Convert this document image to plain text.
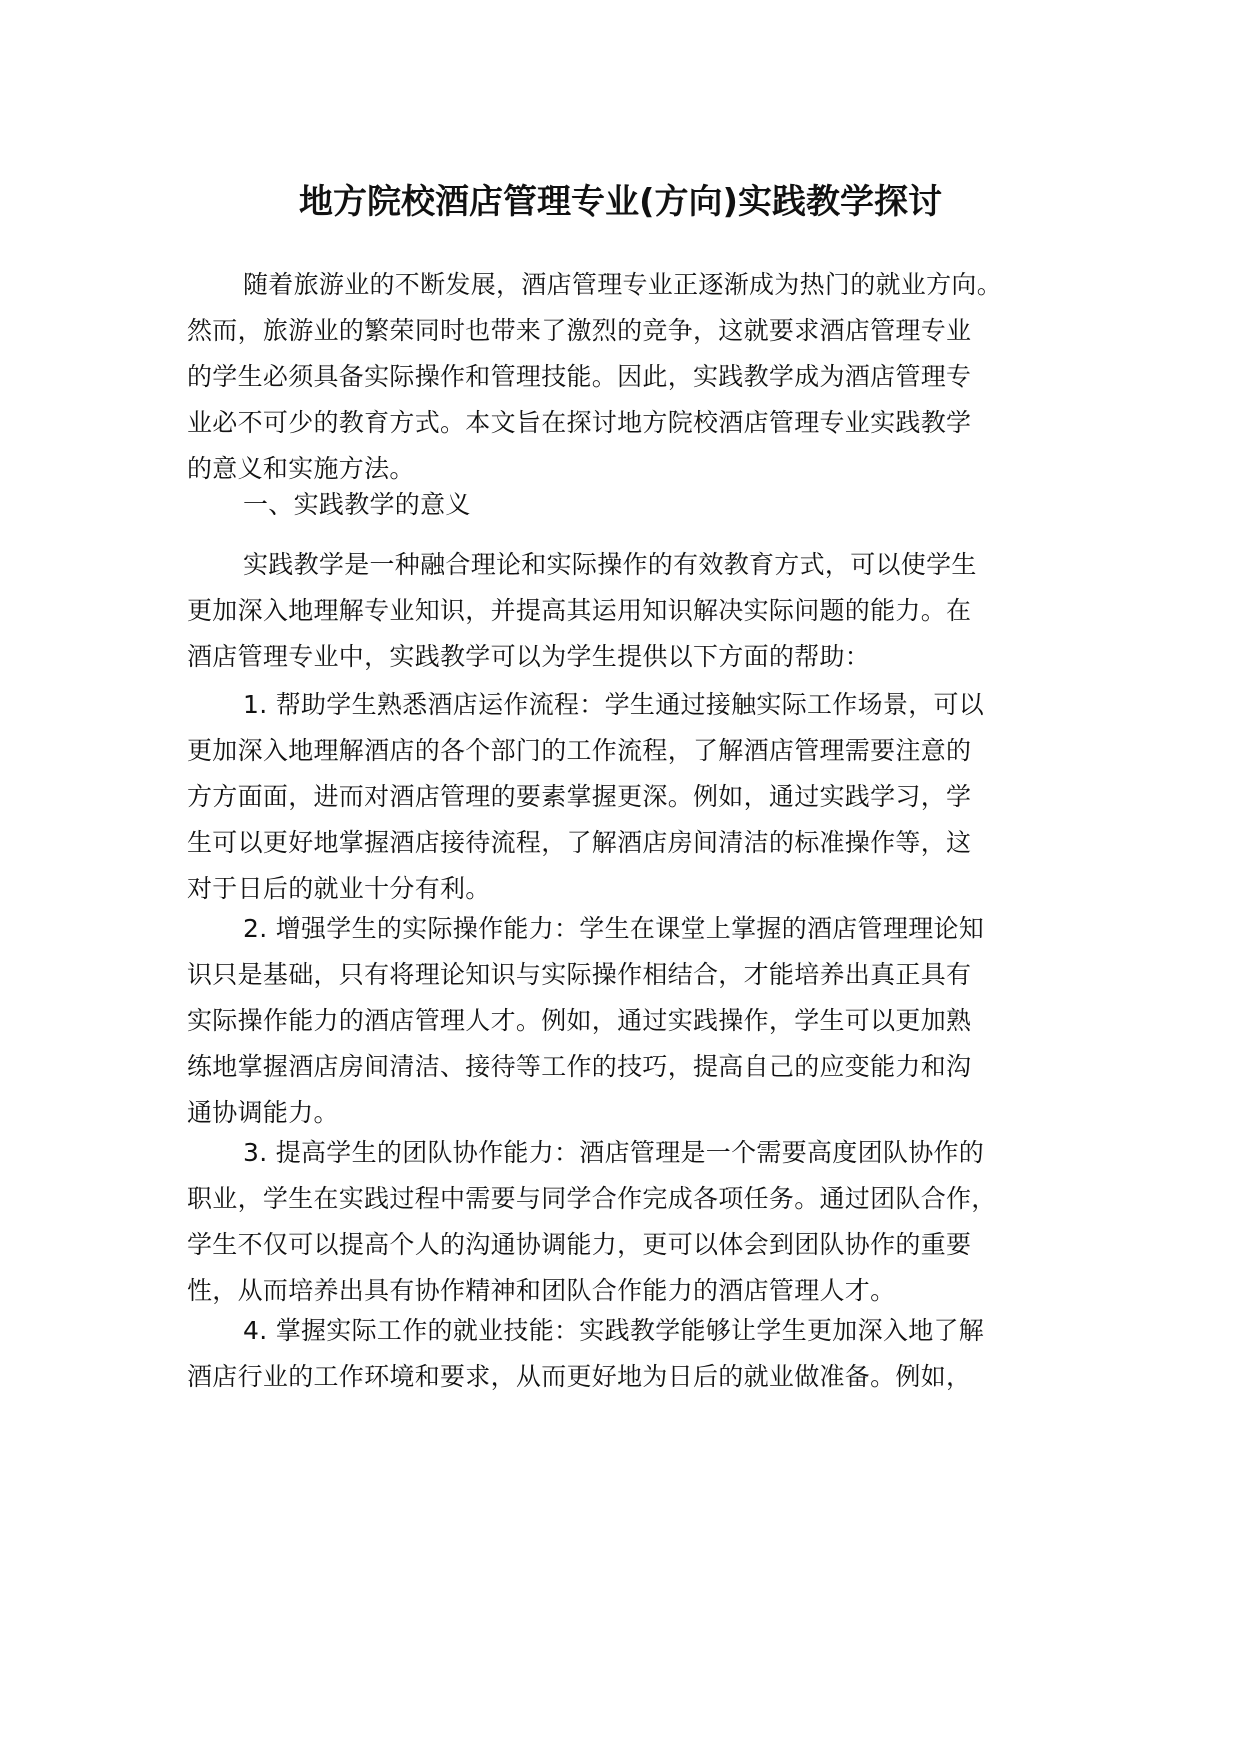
地方院校酒店管理专业(方向)实践教学探讨
随着旅游业的不断发展，酒店管理专业正逐渐成为热门的就业方向。
然而，旅游业的繁荣同时也带来了激烈的竞争，这就要求酒店管理专业
的学生必须具备实际操作和管理技能。因此，实践教学成为酒店管理专
业必不可少的教育方式。本文旨在探讨地方院校酒店管理专业实践教学
的意义和实施方法。
一、实践教学的意义
实践教学是一种融合理论和实际操作的有效教育方式，可以使学生
更加深入地理解专业知识，并提高其运用知识解决实际问题的能力。在
酒店管理专业中，实践教学可以为学生提供以下方面的帮助：
1. 帮助学生熟悉酒店运作流程：学生通过接触实际工作场景，可以
更加深入地理解酒店的各个部门的工作流程，了解酒店管理需要注意的
方方面面，进而对酒店管理的要素掌握更深。例如，通过实践学习，学
生可以更好地掌握酒店接待流程，了解酒店房间清洁的标准操作等，这
对于日后的就业十分有利。
2. 增强学生的实际操作能力：学生在课堂上掌握的酒店管理理论知
识只是基础，只有将理论知识与实际操作相结合，才能培养出真正具有
实际操作能力的酒店管理人才。例如，通过实践操作，学生可以更加熟
练地掌握酒店房间清洁、接待等工作的技巧，提高自己的应变能力和沟
通协调能力。
3. 提高学生的团队协作能力：酒店管理是一个需要高度团队协作的
职业，学生在实践过程中需要与同学合作完成各项任务。通过团队合作，
学生不仅可以提高个人的沟通协调能力，更可以体会到团队协作的重要
性，从而培养出具有协作精神和团队合作能力的酒店管理人才。
4. 掌握实际工作的就业技能：实践教学能够让学生更加深入地了解
酒店行业的工作环境和要求，从而更好地为日后的就业做准备。例如，
